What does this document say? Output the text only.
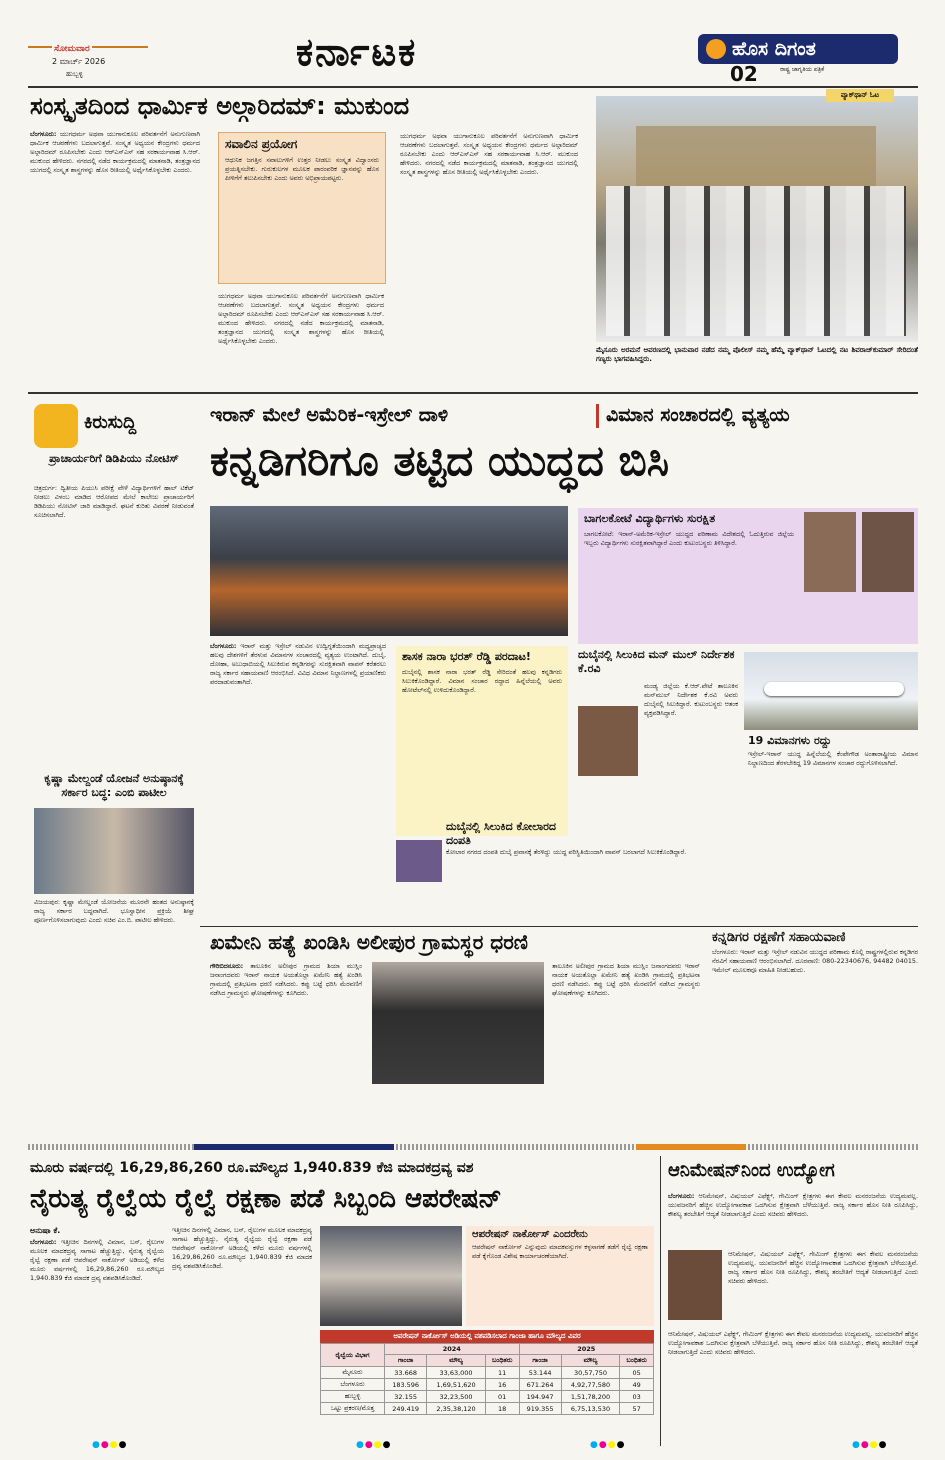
ಸೋಮವಾರ
2 ಮಾರ್ಚ್ 2026
ಹುಬ್ಬಳ್ಳಿ	ಕರ್ನಾಟಕ	ಹೊಸ ದಿಗಂತ
ರಾಷ್ಟ್ರ ಜಾಗೃತಿಯ ಪತ್ರಿಕೆ
02
ಸಂಸ್ಕೃತದಿಂದ ಧಾರ್ಮಿಕ ಅಲ್ಗಾರಿದಮ್: ಮುಕುಂದ
ಬೆಂಗಳೂರು: ಯುಗಧರ್ಮ ಅಥವಾ ಯುಗಾನುಕೂಲ ಪರಿವರ್ತನೆಗೆ ಅನುಗುಣವಾಗಿ ಧಾರ್ಮಿಕ ಆಚರಣೆಗಳು ಬದಲಾಗುತ್ತವೆ. ಸಂಸ್ಕೃತ ಅಧ್ಯಯನ ಕೇಂದ್ರಗಳು ಧರ್ಮದ ಅಲ್ಗಾರಿದಮ್ ರೂಪಿಸಬೇಕು ಎಂದು ಆರ್‌ಎಸ್‌ಎಸ್ ಸಹ ಸರಕಾರ್ಯವಾಹ ಸಿ.ಆರ್. ಮುಕುಂದ ಹೇಳಿದರು. ನಗರದಲ್ಲಿ ನಡೆದ ಕಾರ್ಯಕ್ರಮದಲ್ಲಿ ಮಾತನಾಡಿ, ತಂತ್ರಜ್ಞಾನದ ಯುಗದಲ್ಲಿ ಸಂಸ್ಕೃತ ಶಾಸ್ತ್ರಗಳನ್ನು ಹೊಸ ರೀತಿಯಲ್ಲಿ ಅರ್ಥೈಸಿಕೊಳ್ಳಬೇಕು ಎಂದರು.
ಸವಾಲಿನ ಪ್ರಯೋಗ
ಆಧುನಿಕ ಜಗತ್ತಿನ ಸವಾಲುಗಳಿಗೆ ಉತ್ತರ ನೀಡಲು ಸಂಸ್ಕೃತ ವಿದ್ವಾಂಸರು ಪ್ರಯತ್ನಿಸಬೇಕು. ಗುರುಕುಲಗಳ ಮೂಲಕ ಪಾರಂಪರಿಕ ಜ್ಞಾನವನ್ನು ಹೊಸ ಪೀಳಿಗೆಗೆ ತಲುಪಿಸಬೇಕು ಎಂದು ಅವರು ಅಭಿಪ್ರಾಯಪಟ್ಟರು.
ಯುಗಧರ್ಮ ಅಥವಾ ಯುಗಾನುಕೂಲ ಪರಿವರ್ತನೆಗೆ ಅನುಗುಣವಾಗಿ ಧಾರ್ಮಿಕ ಆಚರಣೆಗಳು ಬದಲಾಗುತ್ತವೆ. ಸಂಸ್ಕೃತ ಅಧ್ಯಯನ ಕೇಂದ್ರಗಳು ಧರ್ಮದ ಅಲ್ಗಾರಿದಮ್ ರೂಪಿಸಬೇಕು ಎಂದು ಆರ್‌ಎಸ್‌ಎಸ್ ಸಹ ಸರಕಾರ್ಯವಾಹ ಸಿ.ಆರ್. ಮುಕುಂದ ಹೇಳಿದರು. ನಗರದಲ್ಲಿ ನಡೆದ ಕಾರ್ಯಕ್ರಮದಲ್ಲಿ ಮಾತನಾಡಿ, ತಂತ್ರಜ್ಞಾನದ ಯುಗದಲ್ಲಿ ಸಂಸ್ಕೃತ ಶಾಸ್ತ್ರಗಳನ್ನು ಹೊಸ ರೀತಿಯಲ್ಲಿ ಅರ್ಥೈಸಿಕೊಳ್ಳಬೇಕು ಎಂದರು.
ಯುಗಧರ್ಮ ಅಥವಾ ಯುಗಾನುಕೂಲ ಪರಿವರ್ತನೆಗೆ ಅನುಗುಣವಾಗಿ ಧಾರ್ಮಿಕ ಆಚರಣೆಗಳು ಬದಲಾಗುತ್ತವೆ. ಸಂಸ್ಕೃತ ಅಧ್ಯಯನ ಕೇಂದ್ರಗಳು ಧರ್ಮದ ಅಲ್ಗಾರಿದಮ್ ರೂಪಿಸಬೇಕು ಎಂದು ಆರ್‌ಎಸ್‌ಎಸ್ ಸಹ ಸರಕಾರ್ಯವಾಹ ಸಿ.ಆರ್. ಮುಕುಂದ ಹೇಳಿದರು. ನಗರದಲ್ಲಿ ನಡೆದ ಕಾರ್ಯಕ್ರಮದಲ್ಲಿ ಮಾತನಾಡಿ, ತಂತ್ರಜ್ಞಾನದ ಯುಗದಲ್ಲಿ ಸಂಸ್ಕೃತ ಶಾಸ್ತ್ರಗಳನ್ನು ಹೊಸ ರೀತಿಯಲ್ಲಿ ಅರ್ಥೈಸಿಕೊಳ್ಳಬೇಕು ಎಂದರು.
ವ್ಯಾಕ್‌ಥಾನ್ ಓಟ
ಮೈಸೂರು ಅರಮನೆ ಆವರಣದಲ್ಲಿ ಭಾನುವಾರ ನಡೆದ ನಮ್ಮ ಪೊಲೀಸ್ ನಮ್ಮ ಹೆಮ್ಮೆ ವ್ಯಾಕ್‌ಥಾನ್ ಓಟದಲ್ಲಿ ನಟ ಶಿವರಾಜ್‌ಕುಮಾರ್ ಸೇರಿದಂತೆ ಗಣ್ಯರು ಭಾಗವಹಿಸಿದ್ದರು.
ಕಿರುಸುದ್ದಿ
ಪ್ರಾಚಾರ್ಯರಿಗೆ ಡಿಡಿಪಿಯು ನೋಟಿಸ್
ಚಿತ್ರದುರ್ಗ: ದ್ವಿತೀಯ ಪಿಯುಸಿ ಪರೀಕ್ಷೆ ವೇಳೆ ವಿದ್ಯಾರ್ಥಿಗಳಿಗೆ ಹಾಲ್ ಟಿಕೆಟ್ ನೀಡಲು ವಿಳಂಬ ಮಾಡಿದ ಆರೋಪದ ಮೇಲೆ ಕಾಲೇಜು ಪ್ರಾಚಾರ್ಯರಿಗೆ ಡಿಡಿಪಿಯು ನೋಟಿಸ್ ಜಾರಿ ಮಾಡಿದ್ದಾರೆ. ಘಟನೆ ಕುರಿತು ವಿವರಣೆ ನೀಡುವಂತೆ ಸೂಚಿಸಲಾಗಿದೆ.
ಕೃಷ್ಣಾ ಮೇಲ್ದಂಡೆ ಯೋಜನೆ ಅನುಷ್ಠಾನಕ್ಕೆ ಸರ್ಕಾರ ಬದ್ಧ: ಎಂಬಿ ಪಾಟೀಲ
ವಿಜಯಪುರ: ಕೃಷ್ಣಾ ಮೇಲ್ದಂಡೆ ಯೋಜನೆಯ ಮೂರನೇ ಹಂತದ ಅನುಷ್ಠಾನಕ್ಕೆ ರಾಜ್ಯ ಸರ್ಕಾರ ಬದ್ಧವಾಗಿದೆ. ಭೂಸ್ವಾಧೀನ ಪ್ರಕ್ರಿಯೆ ಶೀಘ್ರ ಪೂರ್ಣಗೊಳಿಸಲಾಗುವುದು ಎಂದು ಸಚಿವ ಎಂ.ಬಿ. ಪಾಟೀಲ ಹೇಳಿದರು.
ಇರಾನ್ ಮೇಲೆ ಅಮೆರಿಕ-ಇಸ್ರೇಲ್ ದಾಳಿ	ವಿಮಾನ ಸಂಚಾರದಲ್ಲಿ ವ್ಯತ್ಯಯ
ಕನ್ನಡಿಗರಿಗೂ ತಟ್ಟಿದ ಯುದ್ಧದ ಬಿಸಿ
ಬೆಂಗಳೂರು: ಇರಾನ್ ಮತ್ತು ಇಸ್ರೇಲ್ ನಡುವಿನ ಉದ್ವಿಗ್ನತೆಯಿಂದಾಗಿ ಮಧ್ಯಪ್ರಾಚ್ಯದ ಹಲವು ದೇಶಗಳಿಗೆ ತೆರಳುವ ವಿಮಾನಗಳ ಸಂಚಾರದಲ್ಲಿ ವ್ಯತ್ಯಯ ಉಂಟಾಗಿದೆ. ದುಬೈ, ದೋಹಾ, ಅಬುಧಾಬಿಯಲ್ಲಿ ಸಿಲುಕಿರುವ ಕನ್ನಡಿಗರನ್ನು ಸುರಕ್ಷಿತವಾಗಿ ವಾಪಸ್ ಕರೆತರಲು ರಾಜ್ಯ ಸರ್ಕಾರ ಸಹಾಯವಾಣಿ ಆರಂಭಿಸಿದೆ. ವಿವಿಧ ವಿಮಾನ ನಿಲ್ದಾಣಗಳಲ್ಲಿ ಪ್ರಯಾಣಿಕರು ಪರದಾಡುವಂತಾಗಿದೆ.
ಬಾಗಲಕೋಟೆ ವಿದ್ಯಾರ್ಥಿಗಳು ಸುರಕ್ಷಿತ
ಬಾಗಲಕೋಟೆ: ಇರಾನ್-ಅಮೆರಿಕ-ಇಸ್ರೇಲ್ ಯುದ್ಧದ ಪರಿಣಾಮ ವಿದೇಶದಲ್ಲಿ ಓದುತ್ತಿರುವ ಜಿಲ್ಲೆಯ ಇಬ್ಬರು ವಿದ್ಯಾರ್ಥಿಗಳು ಸುರಕ್ಷಿತವಾಗಿದ್ದಾರೆ ಎಂದು ಕುಟುಂಬಸ್ಥರು ತಿಳಿಸಿದ್ದಾರೆ.
ಶಾಸಕ ನಾರಾ ಭರತ್ ರೆಡ್ಡಿ ಪರದಾಟ!
ದುಬೈನಲ್ಲಿ ಶಾಸಕ ನಾರಾ ಭರತ್ ರೆಡ್ಡಿ ಸೇರಿದಂತೆ ಹಲವು ಕನ್ನಡಿಗರು ಸಿಲುಕಿಕೊಂಡಿದ್ದಾರೆ. ವಿಮಾನ ಸಂಚಾರ ರದ್ದಾದ ಹಿನ್ನೆಲೆಯಲ್ಲಿ ಅವರು ಹೋಟೆಲ್‌ನಲ್ಲಿ ಉಳಿದುಕೊಂಡಿದ್ದಾರೆ.
ದುಬೈನಲ್ಲಿ ಸಿಲುಕಿದ ಮನ್ ಮುಲ್ ನಿರ್ದೇಶಕ ಕೆ.ರವಿ
ಮಂಡ್ಯ ಜಿಲ್ಲೆಯ ಕೆ.ಆರ್.ಪೇಟೆ ತಾಲೂಕಿನ ಮನ್‌ಮುಲ್ ನಿರ್ದೇಶಕ ಕೆ.ರವಿ ಅವರು ದುಬೈನಲ್ಲಿ ಸಿಲುಕಿದ್ದಾರೆ. ಕುಟುಂಬಸ್ಥರು ಆತಂಕ ವ್ಯಕ್ತಪಡಿಸಿದ್ದಾರೆ.
19 ವಿಮಾನಗಳು ರದ್ದು
ಇಸ್ರೇಲ್-ಇರಾನ್ ಯುದ್ಧ ಹಿನ್ನೆಲೆಯಲ್ಲಿ ಕೆಂಪೇಗೌಡ ಅಂತಾರಾಷ್ಟ್ರೀಯ ವಿಮಾನ ನಿಲ್ದಾಣದಿಂದ ತೆರಳಬೇಕಿದ್ದ 19 ವಿಮಾನಗಳ ಸಂಚಾರ ರದ್ದುಗೊಳಿಸಲಾಗಿದೆ.
ದುಬೈನಲ್ಲಿ ಸಿಲುಕಿದ ಕೋಲಾರದ ದಂಪತಿ
ಕೋಲಾರ ನಗರದ ದಂಪತಿ ದುಬೈ ಪ್ರವಾಸಕ್ಕೆ ತೆರಳಿದ್ದು ಯುದ್ಧ ಪರಿಸ್ಥಿತಿಯಿಂದಾಗಿ ವಾಪಸ್ ಬರಲಾಗದೆ ಸಿಲುಕಿಕೊಂಡಿದ್ದಾರೆ.
ಖಮೇನಿ ಹತ್ಯೆ ಖಂಡಿಸಿ ಅಲೀಪುರ ಗ್ರಾಮಸ್ಥರ ಧರಣಿ
ಗೌರಿಬಿದನೂರು: ತಾಲೂಕಿನ ಅಲೀಪುರ ಗ್ರಾಮದ ಶಿಯಾ ಮುಸ್ಲಿಂ ಜನಾಂಗದವರು ಇರಾನ್ ನಾಯಕ ಅಯತೊಲ್ಲಾ ಖಮೇನಿ ಹತ್ಯೆ ಖಂಡಿಸಿ ಗ್ರಾಮದಲ್ಲಿ ಪ್ರತಿಭಟನಾ ಧರಣಿ ನಡೆಸಿದರು. ಕಪ್ಪು ಬಟ್ಟೆ ಧರಿಸಿ ಮೆರವಣಿಗೆ ನಡೆಸಿದ ಗ್ರಾಮಸ್ಥರು ಘೋಷಣೆಗಳನ್ನು ಕೂಗಿದರು.
ತಾಲೂಕಿನ ಅಲೀಪುರ ಗ್ರಾಮದ ಶಿಯಾ ಮುಸ್ಲಿಂ ಜನಾಂಗದವರು ಇರಾನ್ ನಾಯಕ ಅಯತೊಲ್ಲಾ ಖಮೇನಿ ಹತ್ಯೆ ಖಂಡಿಸಿ ಗ್ರಾಮದಲ್ಲಿ ಪ್ರತಿಭಟನಾ ಧರಣಿ ನಡೆಸಿದರು. ಕಪ್ಪು ಬಟ್ಟೆ ಧರಿಸಿ ಮೆರವಣಿಗೆ ನಡೆಸಿದ ಗ್ರಾಮಸ್ಥರು ಘೋಷಣೆಗಳನ್ನು ಕೂಗಿದರು.
ಕನ್ನಡಿಗರ ರಕ್ಷಣೆಗೆ ಸಹಾಯವಾಣಿ
ಬೆಂಗಳೂರು: ಇರಾನ್ ಮತ್ತು ಇಸ್ರೇಲ್ ನಡುವಿನ ಯುದ್ಧದ ಪರಿಣಾಮ ಕೊಲ್ಲಿ ರಾಷ್ಟ್ರಗಳಲ್ಲಿರುವ ಕನ್ನಡಿಗರ ನೆರವಿಗೆ ಸಹಾಯವಾಣಿ ಆರಂಭಿಸಲಾಗಿದೆ. ದೂರವಾಣಿ: 080-22340676, 94482 04015. ಇಮೇಲ್ ಮೂಲಕವೂ ಮಾಹಿತಿ ನೀಡಬಹುದು.
ಮೂರು ವರ್ಷದಲ್ಲಿ 16,29,86,260 ರೂ.ಮೌಲ್ಯದ 1,940.839 ಕೆಜಿ ಮಾದಕದ್ರವ್ಯ ವಶ
ನೈರುತ್ಯ ರೈಲ್ವೆಯ ರೈಲ್ವೆ ರಕ್ಷಣಾ ಪಡೆ ಸಿಬ್ಬಂದಿ ಆಪರೇಷನ್
ಅನುಷಾ ಕೆ.
ಬೆಂಗಳೂರು: ಇತ್ತೀಚಿನ ದಿನಗಳಲ್ಲಿ ವಿಮಾನ, ಬಸ್, ರೈಲುಗಳ ಮೂಲಕ ಮಾದಕದ್ರವ್ಯ ಸಾಗಾಟ ಹೆಚ್ಚುತ್ತಿದ್ದು, ನೈರುತ್ಯ ರೈಲ್ವೆಯ ರೈಲ್ವೆ ರಕ್ಷಣಾ ಪಡೆ ಆಪರೇಷನ್ ನಾರ್ಕೋಸ್ ಅಡಿಯಲ್ಲಿ ಕಳೆದ ಮೂರು ವರ್ಷಗಳಲ್ಲಿ 16,29,86,260 ರೂ.ಮೌಲ್ಯದ 1,940.839 ಕೆಜಿ ಮಾದಕ ದ್ರವ್ಯ ವಶಪಡಿಸಿಕೊಂಡಿದೆ.
ಇತ್ತೀಚಿನ ದಿನಗಳಲ್ಲಿ ವಿಮಾನ, ಬಸ್, ರೈಲುಗಳ ಮೂಲಕ ಮಾದಕದ್ರವ್ಯ ಸಾಗಾಟ ಹೆಚ್ಚುತ್ತಿದ್ದು, ನೈರುತ್ಯ ರೈಲ್ವೆಯ ರೈಲ್ವೆ ರಕ್ಷಣಾ ಪಡೆ ಆಪರೇಷನ್ ನಾರ್ಕೋಸ್ ಅಡಿಯಲ್ಲಿ ಕಳೆದ ಮೂರು ವರ್ಷಗಳಲ್ಲಿ 16,29,86,260 ರೂ.ಮೌಲ್ಯದ 1,940.839 ಕೆಜಿ ಮಾದಕ ದ್ರವ್ಯ ವಶಪಡಿಸಿಕೊಂಡಿದೆ.
ಆಪರೇಷನ್ ನಾರ್ಕೋಸ್ ಎಂದರೇನು
ಆಪರೇಷನ್ ನಾರ್ಕೋಸ್ ಎನ್ನುವುದು ಮಾದಕವಸ್ತುಗಳ ಕಳ್ಳಸಾಗಣೆ ತಡೆಗೆ ರೈಲ್ವೆ ರಕ್ಷಣಾ ಪಡೆ ಕೈಗೊಂಡ ವಿಶೇಷ ಕಾರ್ಯಾಚರಣೆಯಾಗಿದೆ.
ಆಪರೇಷನ್ ನಾರ್ಕೋಸ್ ಅಡಿಯಲ್ಲಿ ವಶಪಡಿಸಲಾದ ಗಾಂಜಾ ಹಾಗೂ ಮೌಲ್ಯದ ವಿವರ
ರೈಲ್ವೆಯ ವಿಭಾಗ	2024			2025		
	ಗಾಂಜಾ	ಮೌಲ್ಯ	ಬಂಧಿತರು	ಗಾಂಜಾ	ಮೌಲ್ಯ	ಬಂಧಿತರು
ಮೈಸೂರು	33.668	33,63,000	11	53.144	30,57,750	05
ಬೆಂಗಳೂರು	183.596	1,69,51,620	16	671.264	4,92,77,580	49
ಹುಬ್ಬಳ್ಳಿ	32.155	32,23,500	01	194.947	1,51,78,200	03
ಒಟ್ಟು ಪ್ರಕರಣ/ಮೊತ್ತ	249.419	2,35,38,120	18	919.355	6,75,13,530	57
ಆನಿಮೇಷನ್‌ನಿಂದ ಉದ್ಯೋಗ
ಬೆಂಗಳೂರು: ಆನಿಮೇಷನ್, ವಿಷುಯಲ್ ಎಫೆಕ್ಟ್ಸ್, ಗೇಮಿಂಗ್ ಕ್ಷೇತ್ರಗಳು ಈಗ ಕೇವಲ ಮನರಂಜನೆಯ ಉದ್ಯಮವಲ್ಲ. ಯುವಜನರಿಗೆ ಹೆಚ್ಚಿನ ಉದ್ಯೋಗಾವಕಾಶ ಒದಗಿಸುವ ಕ್ಷೇತ್ರವಾಗಿ ಬೆಳೆಯುತ್ತಿವೆ. ರಾಜ್ಯ ಸರ್ಕಾರ ಹೊಸ ನೀತಿ ರೂಪಿಸಿದ್ದು, ಕೌಶಲ್ಯ ತರಬೇತಿಗೆ ಆದ್ಯತೆ ನೀಡಲಾಗುತ್ತಿದೆ ಎಂದು ಸಚಿವರು ಹೇಳಿದರು.
ಆನಿಮೇಷನ್, ವಿಷುಯಲ್ ಎಫೆಕ್ಟ್ಸ್, ಗೇಮಿಂಗ್ ಕ್ಷೇತ್ರಗಳು ಈಗ ಕೇವಲ ಮನರಂಜನೆಯ ಉದ್ಯಮವಲ್ಲ. ಯುವಜನರಿಗೆ ಹೆಚ್ಚಿನ ಉದ್ಯೋಗಾವಕಾಶ ಒದಗಿಸುವ ಕ್ಷೇತ್ರವಾಗಿ ಬೆಳೆಯುತ್ತಿವೆ. ರಾಜ್ಯ ಸರ್ಕಾರ ಹೊಸ ನೀತಿ ರೂಪಿಸಿದ್ದು, ಕೌಶಲ್ಯ ತರಬೇತಿಗೆ ಆದ್ಯತೆ ನೀಡಲಾಗುತ್ತಿದೆ ಎಂದು ಸಚಿವರು ಹೇಳಿದರು.
ಆನಿಮೇಷನ್, ವಿಷುಯಲ್ ಎಫೆಕ್ಟ್ಸ್, ಗೇಮಿಂಗ್ ಕ್ಷೇತ್ರಗಳು ಈಗ ಕೇವಲ ಮನರಂಜನೆಯ ಉದ್ಯಮವಲ್ಲ. ಯುವಜನರಿಗೆ ಹೆಚ್ಚಿನ ಉದ್ಯೋಗಾವಕಾಶ ಒದಗಿಸುವ ಕ್ಷೇತ್ರವಾಗಿ ಬೆಳೆಯುತ್ತಿವೆ. ರಾಜ್ಯ ಸರ್ಕಾರ ಹೊಸ ನೀತಿ ರೂಪಿಸಿದ್ದು, ಕೌಶಲ್ಯ ತರಬೇತಿಗೆ ಆದ್ಯತೆ ನೀಡಲಾಗುತ್ತಿದೆ ಎಂದು ಸಚಿವರು ಹೇಳಿದರು.
●●●●	●●●●	●●●●	●●●●
